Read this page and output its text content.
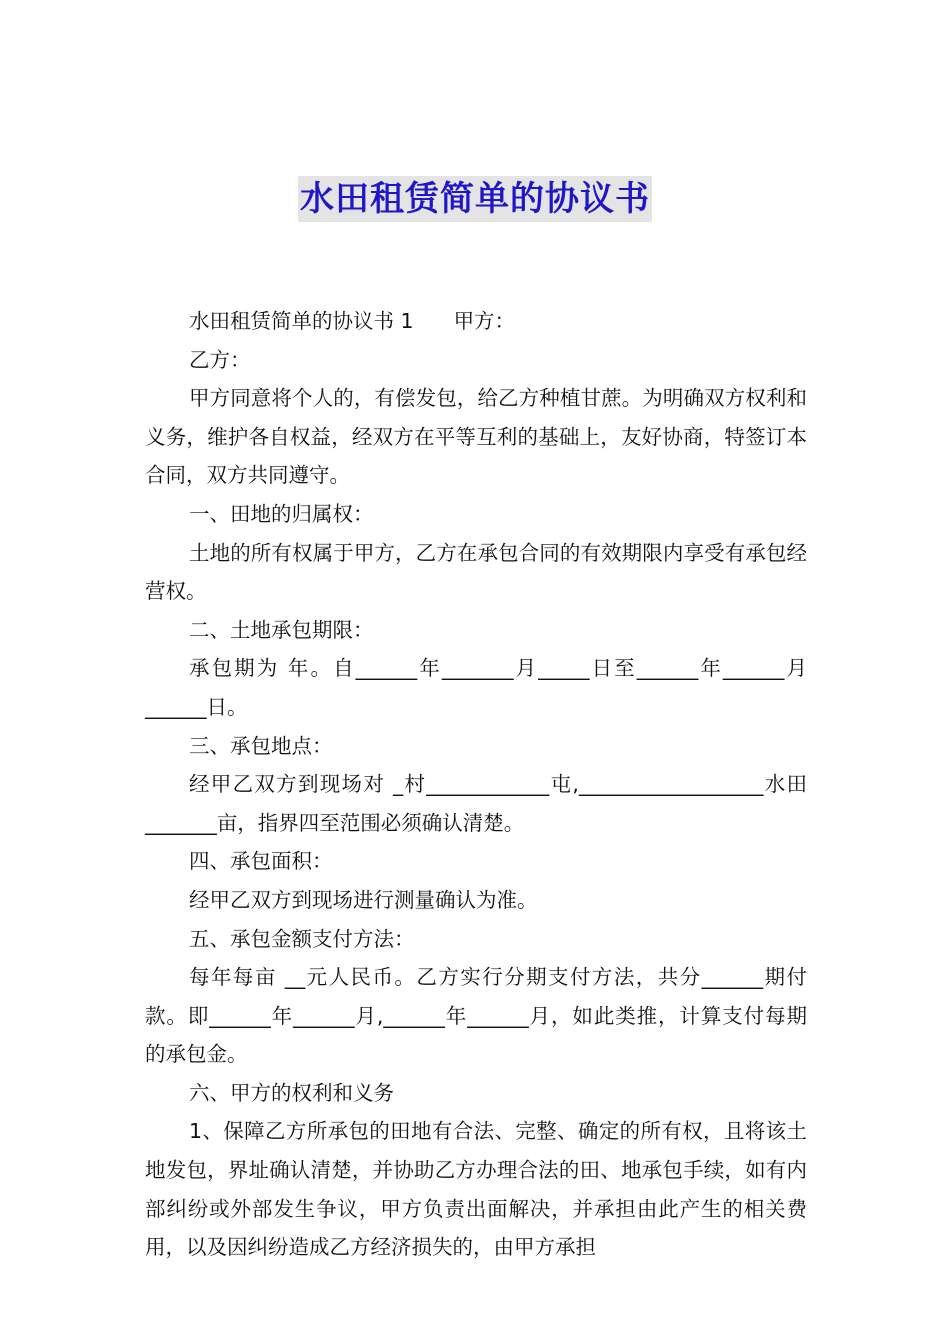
水田租赁简单的协议书

水田租赁简单的协议书 1 甲方：

乙方：

甲方同意将个人的，有偿发包，给乙方种植甘蔗。为明确双方权利和义务，维护各自权益，经双方在平等互利的基础上，友好协商，特签订本合同，双方共同遵守。

一、田地的归属权：

土地的所有权属于甲方，乙方在承包合同的有效期限内享受有承包经营权。

二、土地承包期限：

承包期为 年。自______年_______月_____日至______年______月______日。

三、承包地点：

经甲乙双方到现场对 _村____________屯,__________________水田_______亩，指界四至范围必须确认清楚。

四、承包面积：

经甲乙双方到现场进行测量确认为准。

五、承包金额支付方法：

每年每亩 __元人民币。乙方实行分期支付方法，共分______期付款。即______年______月,______年______月，如此类推，计算支付每期的承包金。

六、甲方的权利和义务

1、保障乙方所承包的田地有合法、完整、确定的所有权，且将该土地发包，界址确认清楚，并协助乙方办理合法的田、地承包手续，如有内部纠纷或外部发生争议，甲方负责出面解决，并承担由此产生的相关费用，以及因纠纷造成乙方经济损失的，由甲方承担
